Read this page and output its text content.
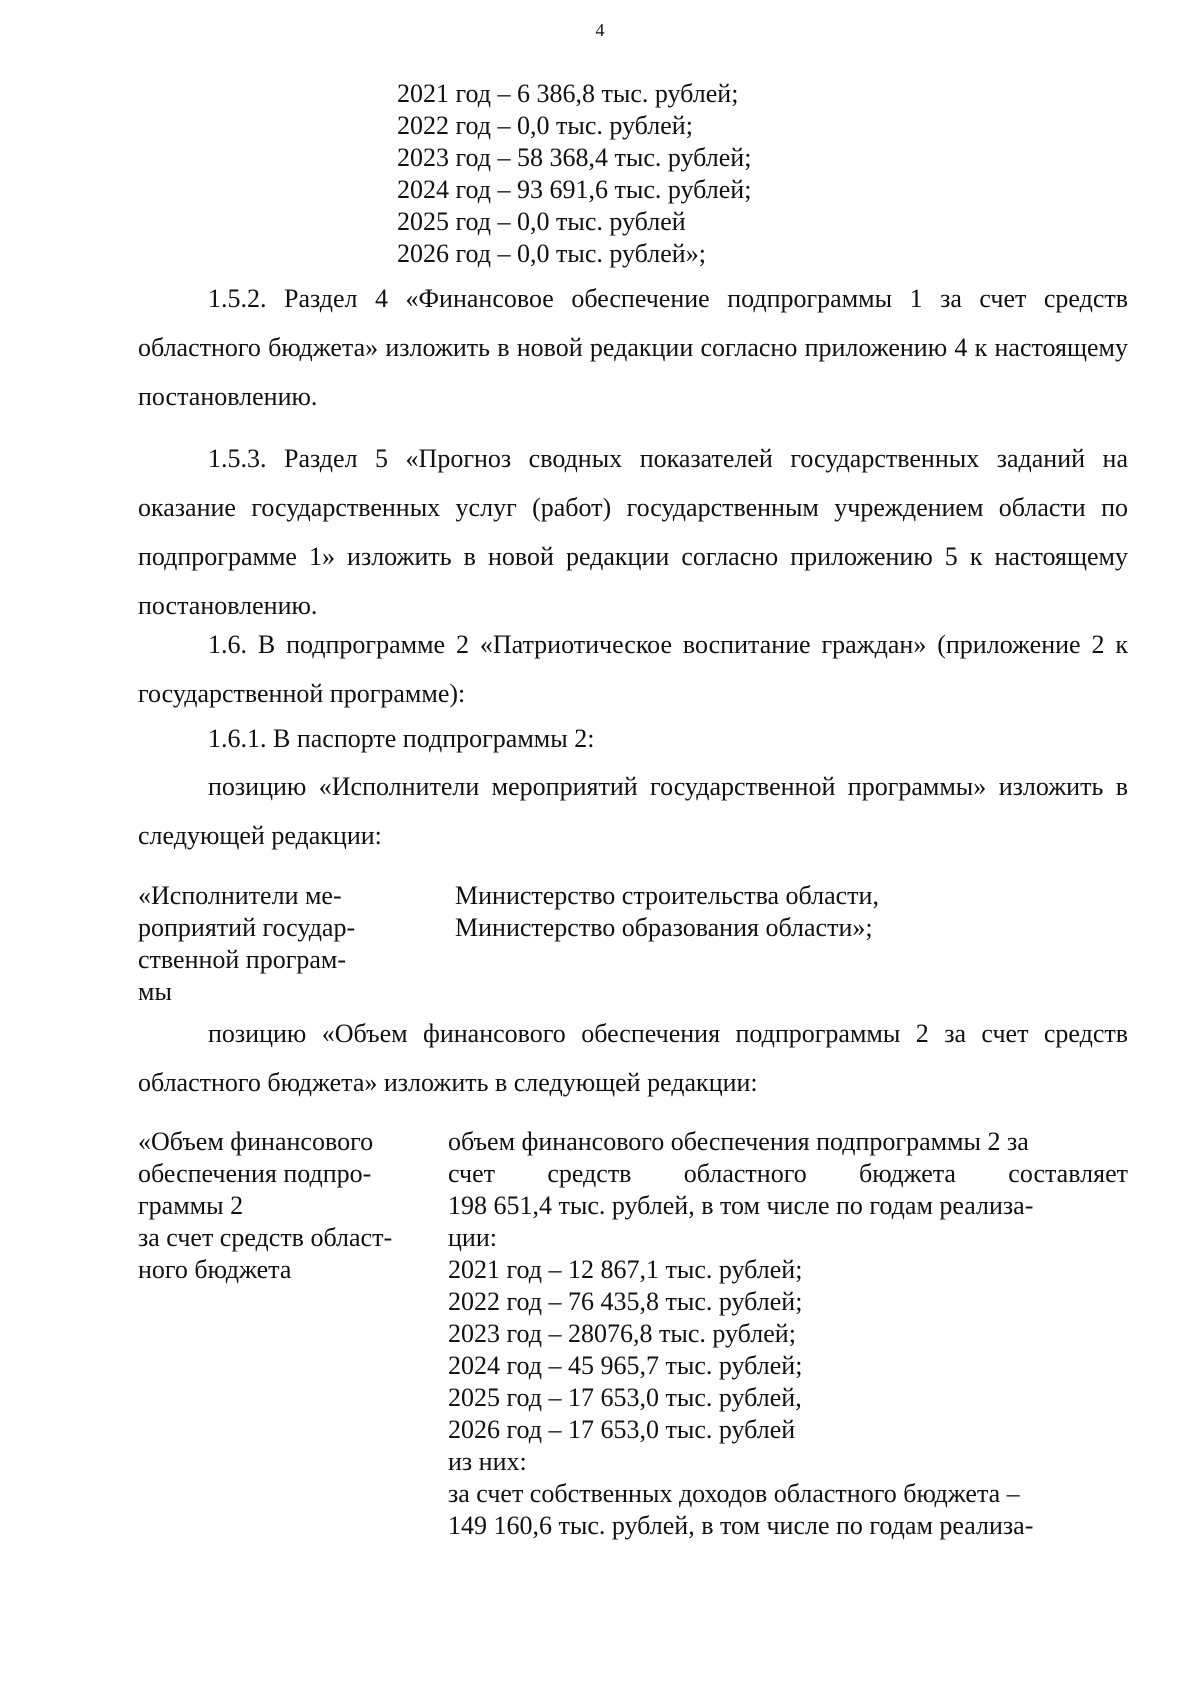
4
2021 год – 6 386,8 тыс. рублей;
2022 год – 0,0 тыс. рублей;
2023 год – 58 368,4 тыс. рублей;
2024 год – 93 691,6 тыс. рублей;
2025 год – 0,0 тыс. рублей
2026 год – 0,0 тыс. рублей»;

1.5.2. Раздел 4 «Финансовое обеспечение подпрограммы 1 за счет средств областного бюджета» изложить в новой редакции согласно приложению 4 к настоящему постановлению.

1.5.3. Раздел 5 «Прогноз сводных показателей государственных заданий на оказание государственных услуг (работ) государственным учреждением области по подпрограмме 1» изложить в новой редакции согласно приложению 5 к настоящему постановлению.

1.6. В подпрограмме 2 «Патриотическое воспитание граждан» (приложение 2 к государственной программе):

1.6.1. В паспорте подпрограммы 2:

позицию «Исполнители мероприятий государственной программы» изложить в следующей редакции:

«Исполнители ме-
роприятий государ-
ственной програм-
мы
Министерство строительства области,
Министерство образования области»;

позицию «Объем финансового обеспечения подпрограммы 2 за счет средств областного бюджета» изложить в следующей редакции:

«Объем финансового
обеспечения подпро-
граммы 2
за счет средств област-
ного бюджета
объем финансового обеспечения подпрограммы 2 за
счет средств областного бюджета составляет
198 651,4 тыс. рублей, в том числе по годам реализа-
ции:
2021 год – 12 867,1 тыс. рублей;
2022 год – 76 435,8 тыс. рублей;
2023 год – 28076,8 тыс. рублей;
2024 год – 45 965,7 тыс. рублей;
2025 год – 17 653,0 тыс. рублей,
2026 год – 17 653,0 тыс. рублей
из них:
за счет собственных доходов областного бюджета –
149 160,6 тыс. рублей, в том числе по годам реализа-
